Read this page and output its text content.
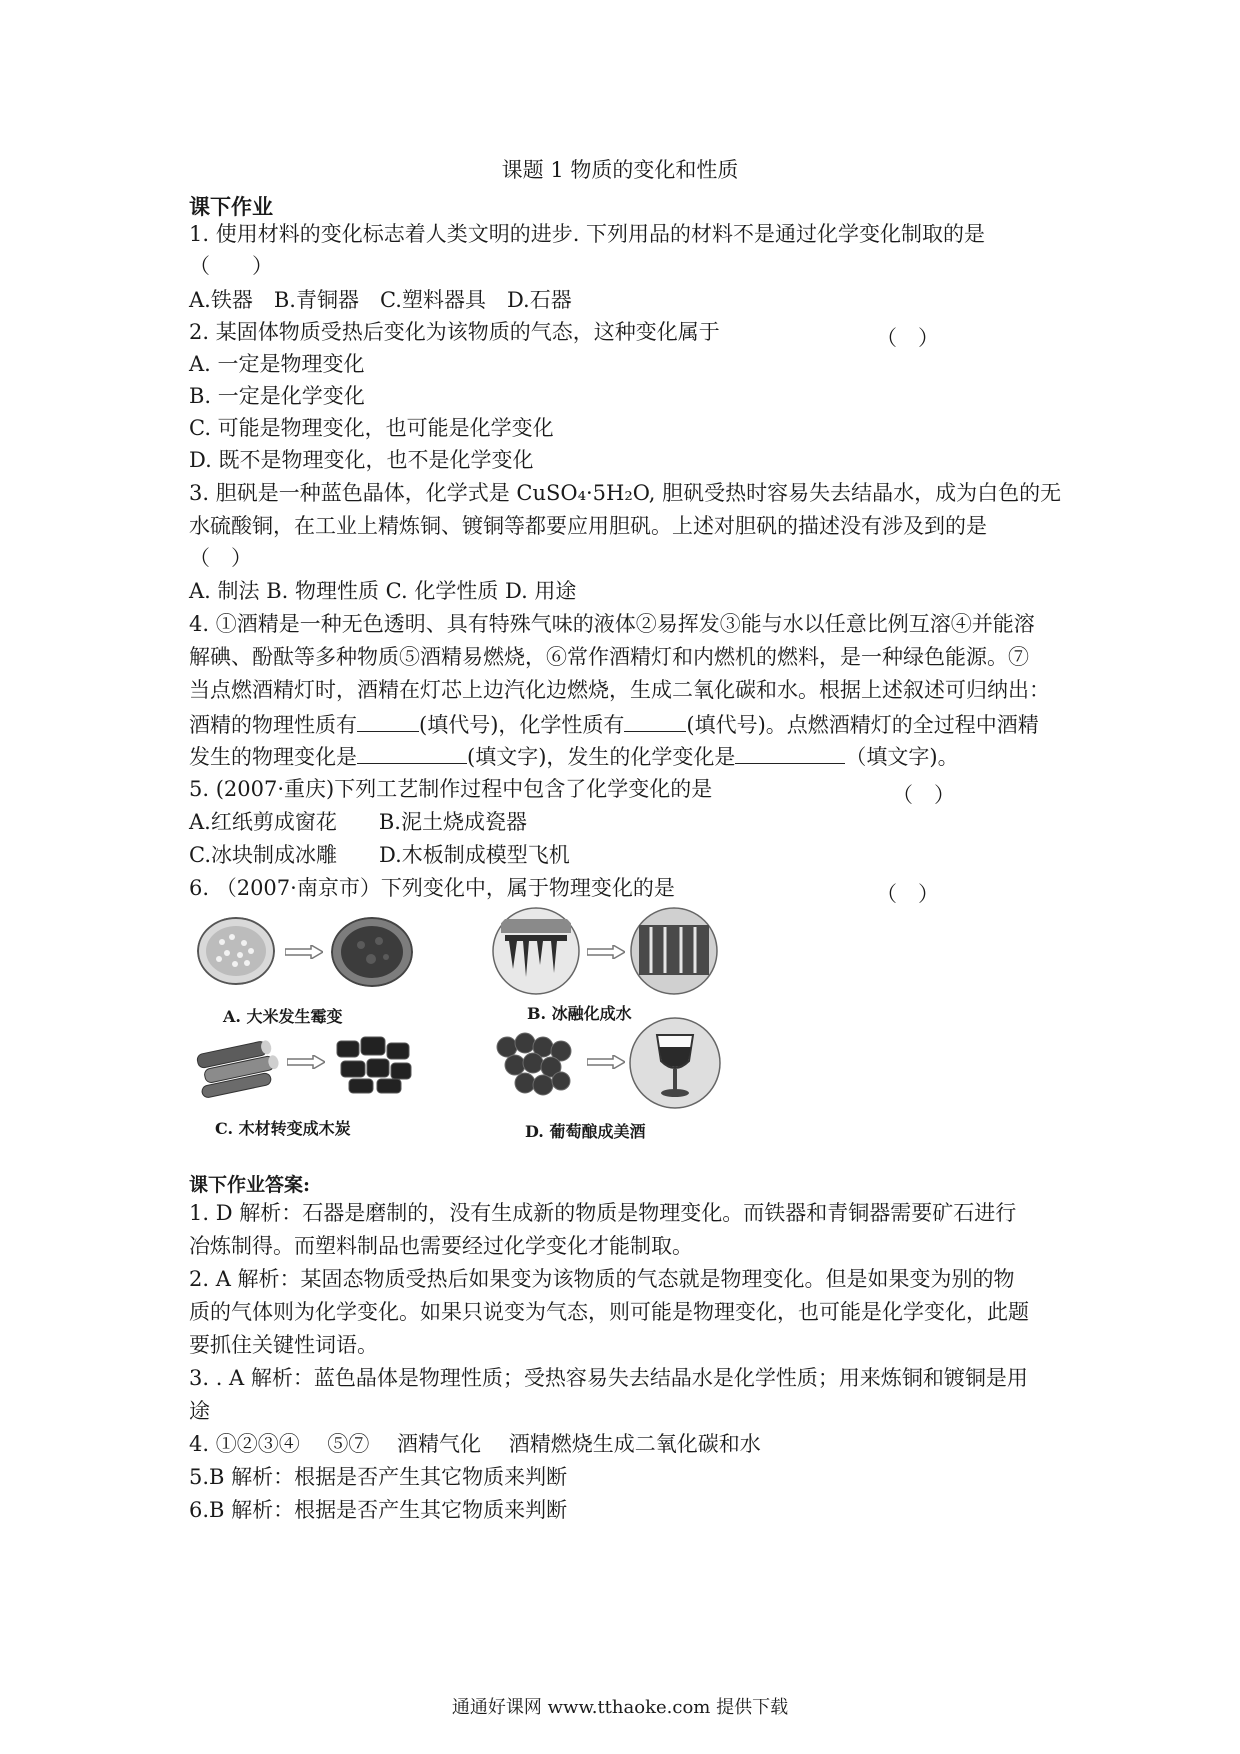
课题 1 物质的变化和性质
课下作业
1. 使用材料的变化标志着人类文明的进步. 下列用品的材料不是通过化学变化制取的是
（　　）
A.铁器　B.青铜器　C.塑料器具　D.石器
2. 某固体物质受热后变化为该物质的气态，这种变化属于	（　）
A. 一定是物理变化
B. 一定是化学变化
C. 可能是物理变化，也可能是化学变化
D. 既不是物理变化，也不是化学变化
3. 胆矾是一种蓝色晶体，化学式是 CuSO₄·5H₂O, 胆矾受热时容易失去结晶水，成为白色的无
水硫酸铜，在工业上精炼铜、镀铜等都要应用胆矾。上述对胆矾的描述没有涉及到的是
（　）
A. 制法 B. 物理性质 C. 化学性质 D. 用途
4. ①酒精是一种无色透明、具有特殊气味的液体②易挥发③能与水以任意比例互溶④并能溶
解碘、酚酞等多种物质⑤酒精易燃烧，⑥常作酒精灯和内燃机的燃料，是一种绿色能源。⑦
当点燃酒精灯时，酒精在灯芯上边汽化边燃烧，生成二氧化碳和水。根据上述叙述可归纳出：
酒精的物理性质有	(填代号)，化学性质有	(填代号)。点燃酒精灯的全过程中酒精
发生的物理变化是	(填文字)，发生的化学变化是	（填文字)。
5. (2007·重庆)下列工艺制作过程中包含了化学变化的是	（　）
A.红纸剪成窗花　　B.泥土烧成瓷器
C.冰块制成冰雕　　D.木板制成模型飞机
6. （2007·南京市）下列变化中，属于物理变化的是	（　）
A. 大米发生霉变	B. 冰融化成水
C. 木材转变成木炭	D. 葡萄酿成美酒
课下作业答案:
1. D 解析：石器是磨制的，没有生成新的物质是物理变化。而铁器和青铜器需要矿石进行
冶炼制得。而塑料制品也需要经过化学变化才能制取。
2. A 解析：某固态物质受热后如果变为该物质的气态就是物理变化。但是如果变为别的物
质的气体则为化学变化。如果只说变为气态，则可能是物理变化，也可能是化学变化，此题
要抓住关键性词语。
3. . A 解析：蓝色晶体是物理性质；受热容易失去结晶水是化学性质；用来炼铜和镀铜是用
途
4. ①②③④　 ⑤⑦　 酒精气化　 酒精燃烧生成二氧化碳和水
5.B 解析：根据是否产生其它物质来判断
6.B 解析：根据是否产生其它物质来判断
通通好课网 www.tthaoke.com 提供下载
